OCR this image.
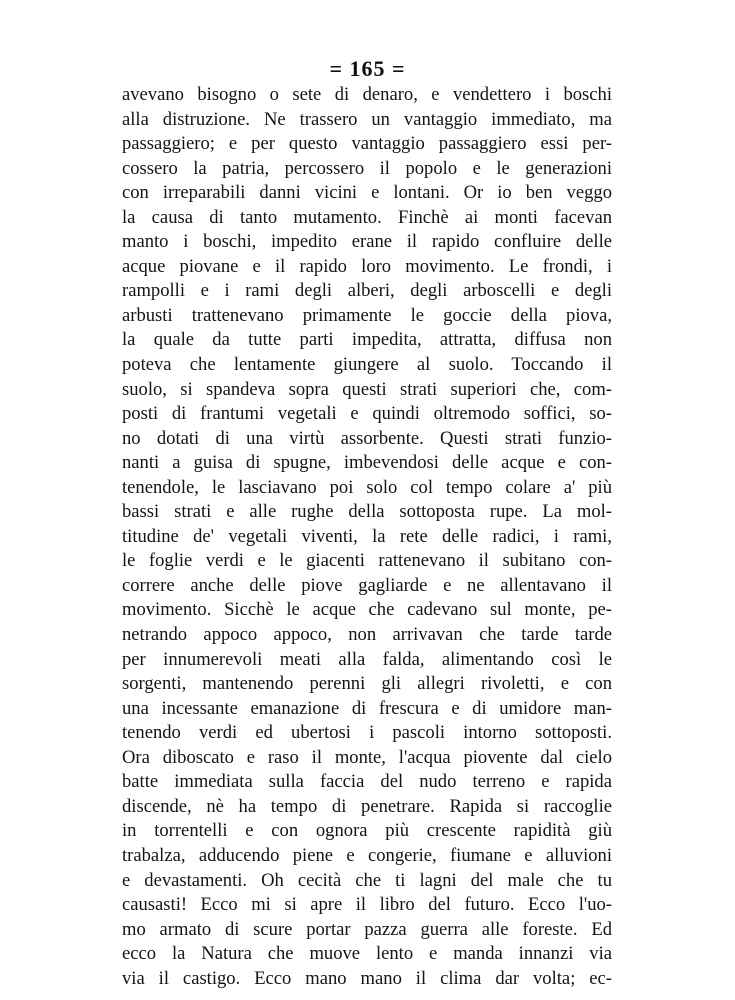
= 165 =
avevano bisogno o sete di denaro, e vendettero i boschi
alla distruzione. Ne trassero un vantaggio immediato, ma
passaggiero; e per questo vantaggio passaggiero essi per-
cossero la patria, percossero il popolo e le generazioni
con irreparabili danni vicini e lontani. Or io ben veggo
la causa di tanto mutamento. Finchè ai monti facevan
manto i boschi, impedito erane il rapido confluire delle
acque piovane e il rapido loro movimento. Le frondi, i
rampolli e i rami degli alberi, degli arboscelli e degli
arbusti trattenevano primamente le goccie della piova,
la quale da tutte parti impedita, attratta, diffusa non
poteva che lentamente giungere al suolo. Toccando il
suolo, si spandeva sopra questi strati superiori che, com-
posti di frantumi vegetali e quindi oltremodo soffici, so-
no dotati di una virtù assorbente. Questi strati funzio-
nanti a guisa di spugne, imbevendosi delle acque e con-
tenendole, le lasciavano poi solo col tempo colare a' più
bassi strati e alle rughe della sottoposta rupe. La mol-
titudine de' vegetali viventi, la rete delle radici, i rami,
le foglie verdi e le giacenti rattenevano il subitano con-
correre anche delle piove gagliarde e ne allentavano il
movimento. Sicchè le acque che cadevano sul monte, pe-
netrando appoco appoco, non arrivavan che tarde tarde
per innumerevoli meati alla falda, alimentando così le
sorgenti, mantenendo perenni gli allegri rivoletti, e con
una incessante emanazione di frescura e di umidore man-
tenendo verdi ed ubertosi i pascoli intorno sottoposti.
Ora diboscato e raso il monte, l'acqua piovente dal cielo
batte immediata sulla faccia del nudo terreno e rapida
discende, nè ha tempo di penetrare. Rapida si raccoglie
in torrentelli e con ognora più crescente rapidità giù
trabalza, adducendo piene e congerie, fiumane e alluvioni
e devastamenti. Oh cecità che ti lagni del male che tu
causasti! Ecco mi si apre il libro del futuro. Ecco l'uo-
mo armato di scure portar pazza guerra alle foreste. Ed
ecco la Natura che muove lento e manda innanzi via
via il castigo. Ecco mano mano il clima dar volta; ec-
